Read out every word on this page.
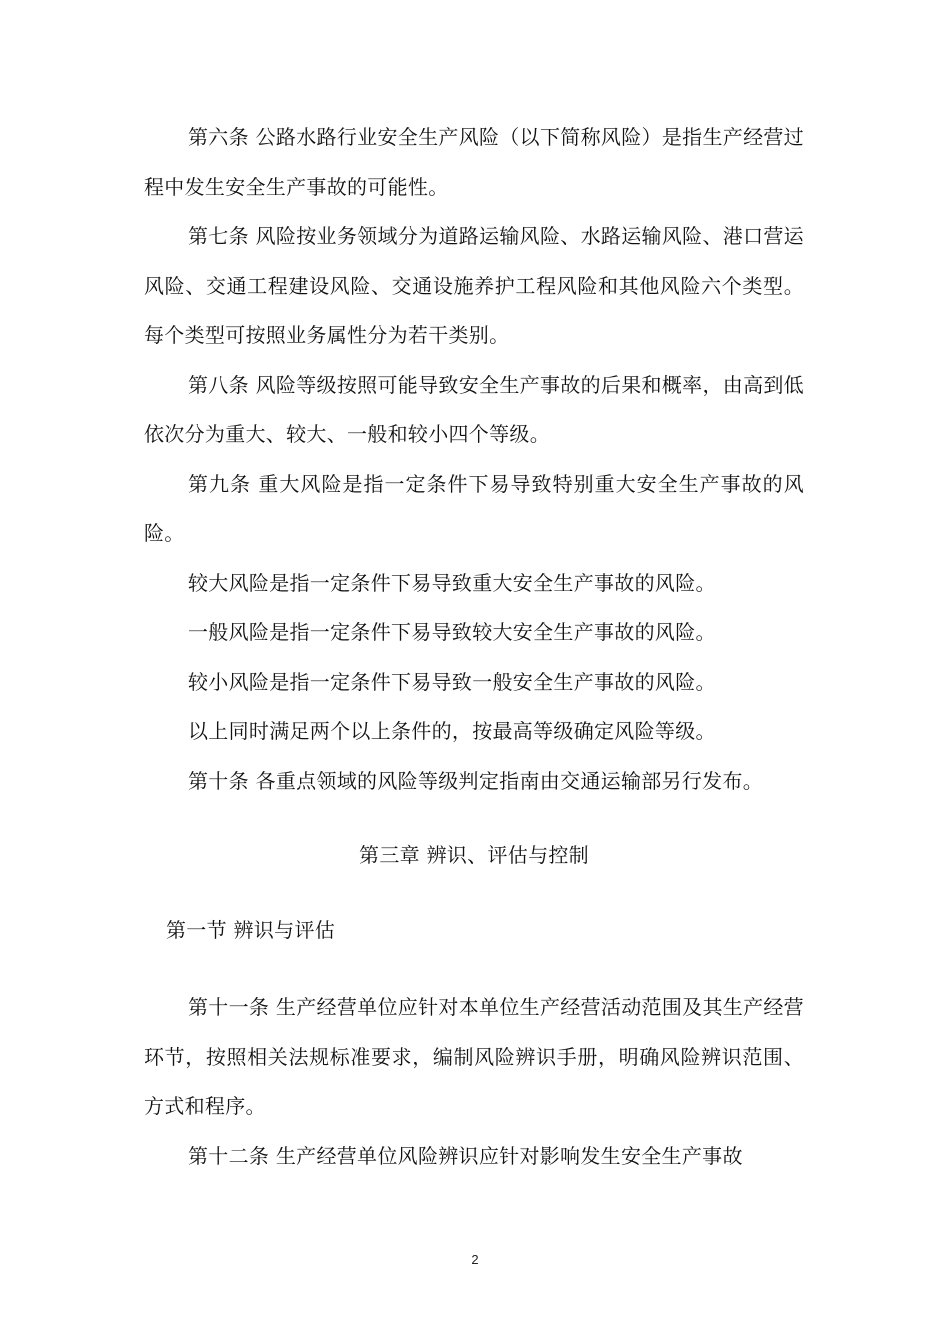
第六条 公路水路行业安全生产风险（以下简称风险）是指生产经营过程中发生安全生产事故的可能性。

第七条 风险按业务领域分为道路运输风险、水路运输风险、港口营运风险、交通工程建设风险、交通设施养护工程风险和其他风险六个类型。每个类型可按照业务属性分为若干类别。

第八条 风险等级按照可能导致安全生产事故的后果和概率，由高到低依次分为重大、较大、一般和较小四个等级。

第九条 重大风险是指一定条件下易导致特别重大安全生产事故的风险。

较大风险是指一定条件下易导致重大安全生产事故的风险。

一般风险是指一定条件下易导致较大安全生产事故的风险。

较小风险是指一定条件下易导致一般安全生产事故的风险。

以上同时满足两个以上条件的，按最高等级确定风险等级。

第十条 各重点领域的风险等级判定指南由交通运输部另行发布。

第三章 辨识、评估与控制
第一节 辨识与评估

第十一条 生产经营单位应针对本单位生产经营活动范围及其生产经营环节，按照相关法规标准要求，编制风险辨识手册，明确风险辨识范围、方式和程序。

第十二条 生产经营单位风险辨识应针对影响发生安全生产事故

2
